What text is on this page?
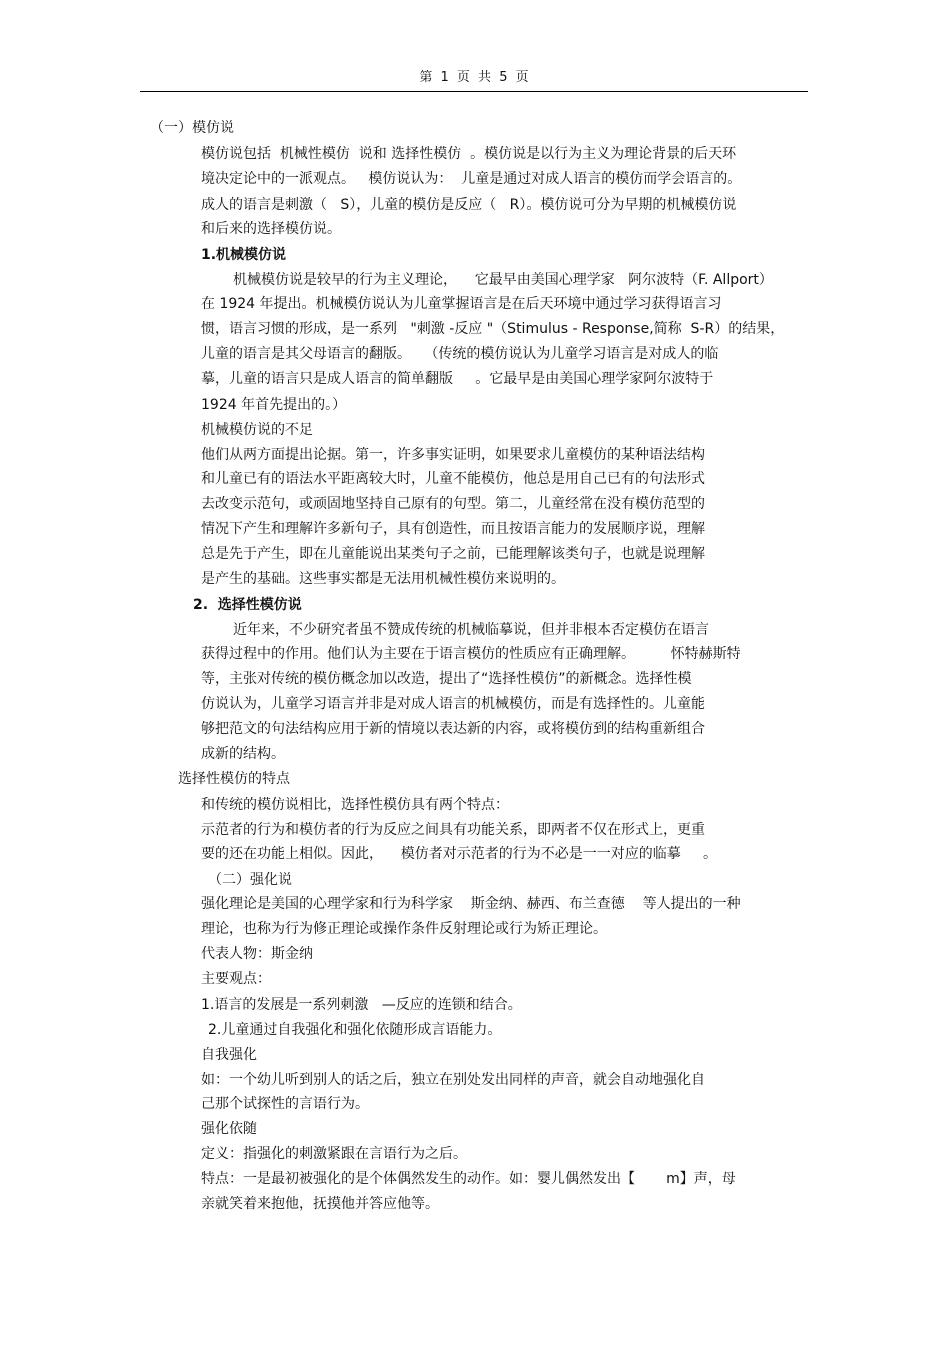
第 1 页 共 5 页
（一）模仿说
模仿说包括  机械性模仿  说和 选择性模仿  。模仿说是以行为主义为理论背景的后天环
境决定论中的一派观点。   模仿说认为：  儿童是通过对成人语言的模仿而学会语言的。
成人的语言是刺激（   S），儿童的模仿是反应（   R）。模仿说可分为早期的机械模仿说
和后来的选择模仿说。
1.机械模仿说
机械模仿说是较早的行为主义理论，    它最早由美国心理学家   阿尔波特（F. Allport）
在 1924 年提出。机械模仿说认为儿童掌握语言是在后天环境中通过学习获得语言习
惯，语言习惯的形成，是一系列   "刺激 -反应 "（Stimulus - Response,简称  S-R）的结果，
儿童的语言是其父母语言的翻版。   （传统的模仿说认为儿童学习语言是对成人的临
摹，儿童的语言只是成人语言的简单翻版     。它最早是由美国心理学家阿尔波特于
1924 年首先提出的。）
机械模仿说的不足
他们从两方面提出论据。第一，许多事实证明，如果要求儿童模仿的某种语法结构
和儿童已有的语法水平距离较大时，儿童不能模仿，他总是用自己已有的句法形式
去改变示范句，或顽固地坚持自己原有的句型。第二，儿童经常在没有模仿范型的
情况下产生和理解许多新句子，具有创造性，而且按语言能力的发展顺序说，理解
总是先于产生，即在儿童能说出某类句子之前，已能理解该类句子，也就是说理解
是产生的基础。这些事实都是无法用机械性模仿来说明的。
2.  选择性模仿说
近年来，不少研究者虽不赞成传统的机械临摹说，但并非根本否定模仿在语言
获得过程中的作用。他们认为主要在于语言模仿的性质应有正确理解。        怀特赫斯特
等，主张对传统的模仿概念加以改造，提出了“选择性模仿”的新概念。选择性模
仿说认为，儿童学习语言并非是对成人语言的机械模仿，而是有选择性的。儿童能
够把范文的句法结构应用于新的情境以表达新的内容，或将模仿到的结构重新组合
成新的结构。
选择性模仿的特点
和传统的模仿说相比，选择性模仿具有两个特点：
示范者的行为和模仿者的行为反应之间具有功能关系，即两者不仅在形式上，更重
要的还在功能上相似。因此，    模仿者对示范者的行为不必是一一对应的临摹     。
（二）强化说
强化理论是美国的心理学家和行为科学家    斯金纳、赫西、布兰查德    等人提出的一种
理论，也称为行为修正理论或操作条件反射理论或行为矫正理论。
代表人物：斯金纳
主要观点：
1.语言的发展是一系列刺激   —反应的连锁和结合。
2.儿童通过自我强化和强化依随形成言语能力。
自我强化
如：一个幼儿听到别人的话之后，独立在别处发出同样的声音，就会自动地强化自
己那个试探性的言语行为。
强化依随
定义：指强化的刺激紧跟在言语行为之后。
特点：一是最初被强化的是个体偶然发生的动作。如：婴儿偶然发出【       m】声，母
亲就笑着来抱他，抚摸他并答应他等。
